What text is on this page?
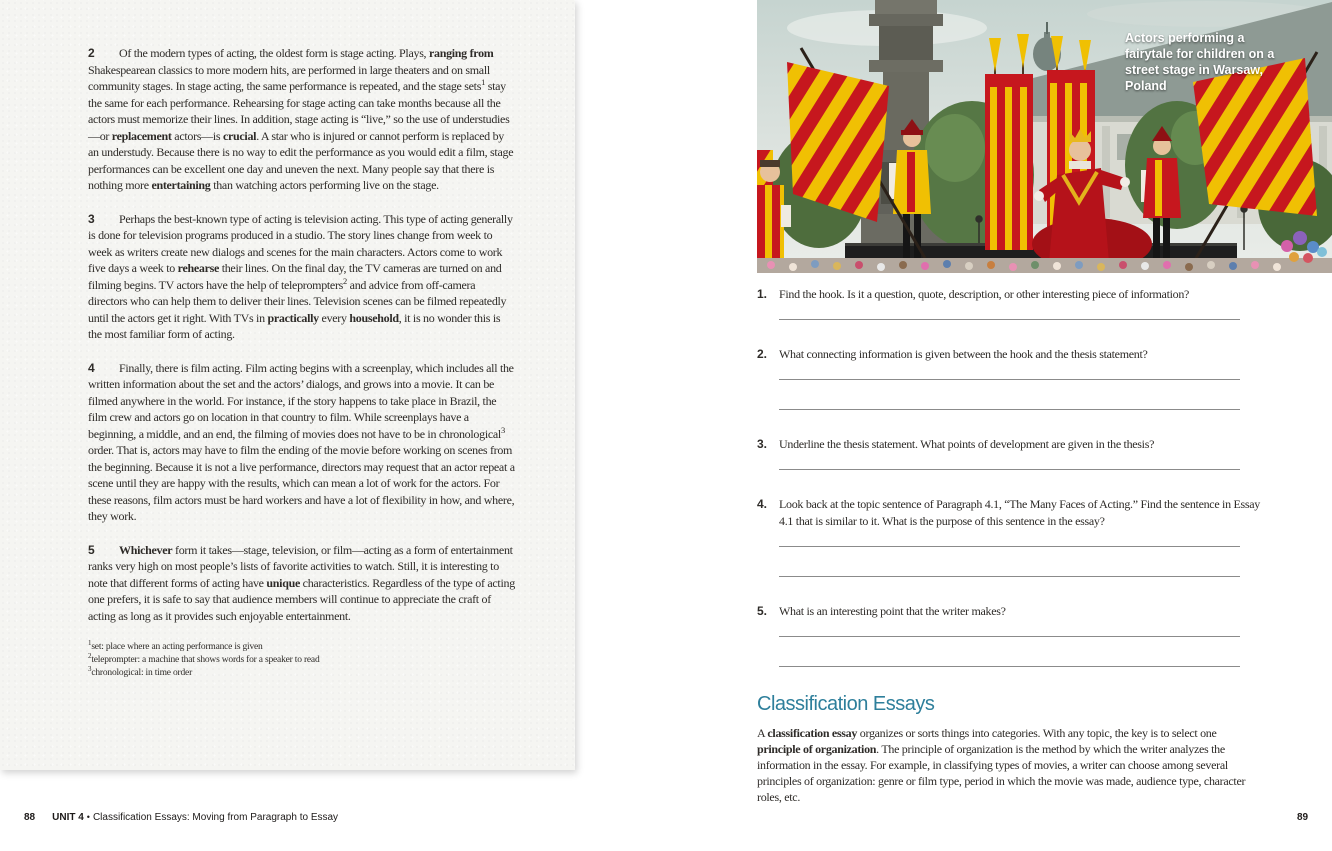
2 Of the modern types of acting, the oldest form is stage acting. Plays, ranging from Shakespearean classics to more modern hits, are performed in large theaters and on small community stages. In stage acting, the same performance is repeated, and the stage sets$^1$ stay the same for each performance. Rehearsing for stage acting can take months because all the actors must memorize their lines. In addition, stage acting is “live,” so the use of understudies—or replacement actors—is crucial. A star who is injured or cannot perform is replaced by an understudy. Because there is no way to edit the performance as you would edit a film, stage performances can be excellent one day and uneven the next. Many people say that there is nothing more entertaining than watching actors performing live on the stage.

3 Perhaps the best-known type of acting is television acting. This type of acting generally is done for television programs produced in a studio. The story lines change from week to week as writers create new dialogs and scenes for the main characters. Actors come to work five days a week to rehearse their lines. On the final day, the TV cameras are turned on and filming begins. TV actors have the help of teleprompters$^2$ and advice from off-camera directors who can help them to deliver their lines. Television scenes can be filmed repeatedly until the actors get it right. With TVs in practically every household, it is no wonder this is the most familiar form of acting.

4 Finally, there is film acting. Film acting begins with a screenplay, which includes all the written information about the set and the actors’ dialogs, and grows into a movie. It can be filmed anywhere in the world. For instance, if the story happens to take place in Brazil, the film crew and actors go on location in that country to film. While screenplays have a beginning, a middle, and an end, the filming of movies does not have to be in chronological$^3$ order. That is, actors may have to film the ending of the movie before working on scenes from the beginning. Because it is not a live performance, directors may request that an actor repeat a scene until they are happy with the results, which can mean a lot of work for the actors. For these reasons, film actors must be hard workers and have a lot of flexibility in how, and where, they work.

5 Whichever form it takes—stage, television, or film—acting as a form of entertainment ranks very high on most people’s lists of favorite activities to watch. Still, it is interesting to note that different forms of acting have unique characteristics. Regardless of the type of acting one prefers, it is safe to say that audience members will continue to appreciate the craft of acting as long as it provides such enjoyable entertainment.

$^1$set: place where an acting performance is given

$^2$teleprompter: a machine that shows words for a speaker to read

$^3$chronological: in time order

88 UNIT 4 • Classification Essays: Moving from Paragraph to Essay
Actors performing a fairytale for children on a street stage in Warsaw, Poland
1. Find the hook. Is it a question, quote, description, or other interesting piece of information?

2. What connecting information is given between the hook and the thesis statement?

3. Underline the thesis statement. What points of development are given in the thesis?

4. Look back at the topic sentence of Paragraph 4.1, “The Many Faces of Acting.” Find the sentence in Essay 4.1 that is similar to it. What is the purpose of this sentence in the essay?

5. What is an interesting point that the writer makes?

Classification Essays

A classification essay organizes or sorts things into categories. With any topic, the key is to select one principle of organization. The principle of organization is the method by which the writer analyzes the information in the essay. For example, in classifying types of movies, a writer can choose among several principles of organization: genre or film type, period in which the movie was made, audience type, character roles, etc.

89
